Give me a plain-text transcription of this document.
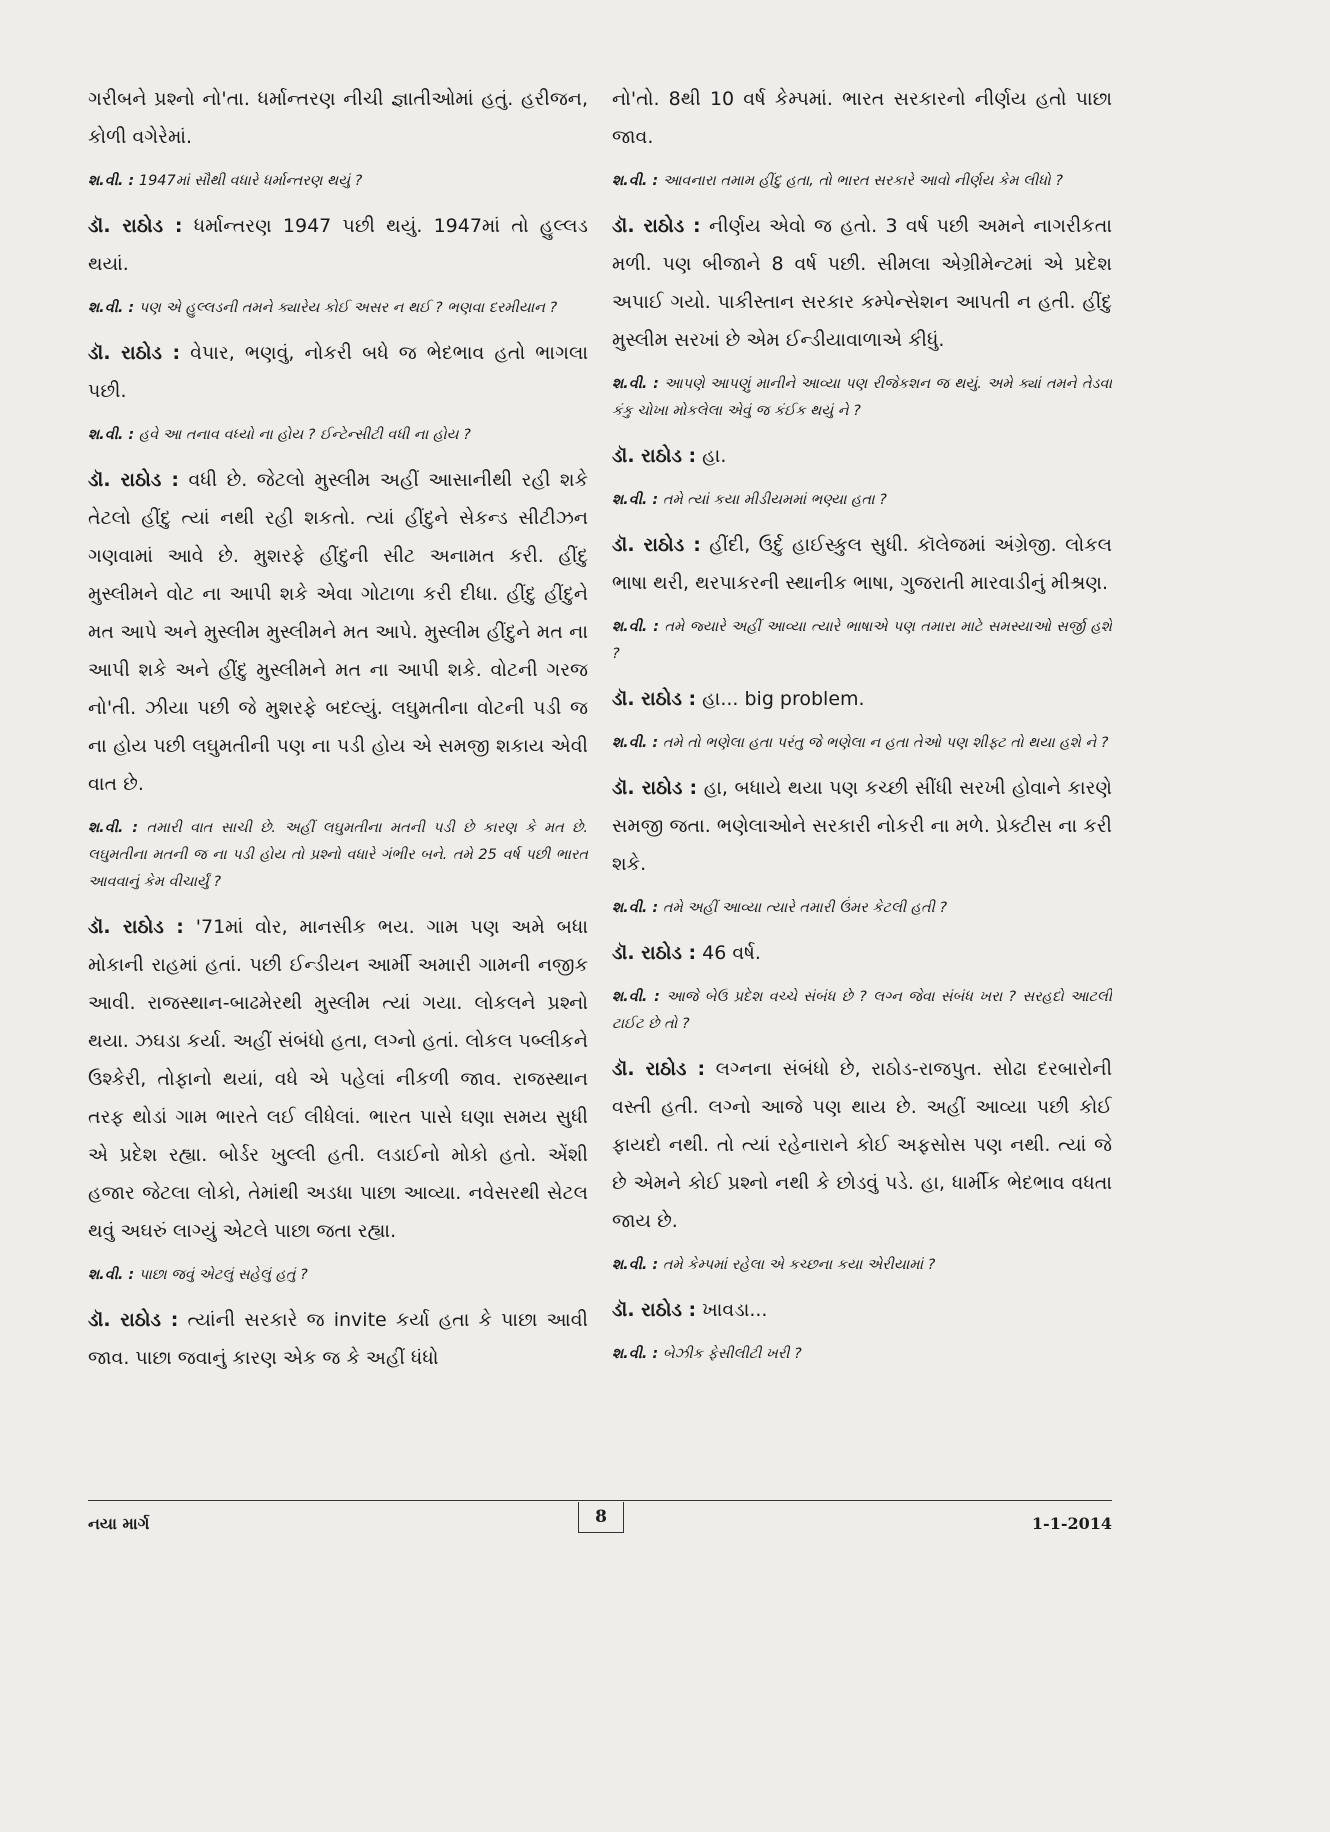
ગરીબને પ્રશ્નો નો'તા. ધર્માન્તરણ નીચી જ્ઞાતીઓમાં હતું. હરીજન, કોળી વગેરેમાં.

શ.વી. : 1947માં સૌથી વધારે ધર્માન્તરણ થયું ?

ડૉ. રાઠોડ : ધર્માન્તરણ 1947 પછી થયું. 1947માં તો હુલ્લડ થયાં.

શ.વી. : પણ એ હુલ્લડની તમને ક્યારેય કોઈ અસર ન થઈ ? ભણવા દરમીયાન ?

ડૉ. રાઠોડ : વેપાર, ભણવું, નોકરી બધે જ ભેદભાવ હતો ભાગલા પછી.

શ.વી. : હવે આ તનાવ વધ્યો ના હોય ? ઈન્ટેન્સીટી વધી ના હોય ?

ડૉ. રાઠોડ : વધી છે. જેટલો મુસ્લીમ અહીં આસાનીથી રહી શકે તેટલો હીંદુ ત્યાં નથી રહી શકતો. ત્યાં હીંદુને સેકન્ડ સીટીઝન ગણવામાં આવે છે. મુશરફે હીંદુની સીટ અનામત કરી. હીંદુ મુસ્લીમને વોટ ના આપી શકે એવા ગોટાળા કરી દીધા. હીંદુ હીંદુને મત આપે અને મુસ્લીમ મુસ્લીમને મત આપે. મુસ્લીમ હીંદુને મત ના આપી શકે અને હીંદુ મુસ્લીમને મત ના આપી શકે. વોટની ગરજ નો'તી. ઝીયા પછી જે મુશરફે બદલ્યું. લઘુમતીના વોટની પડી જ ના હોય પછી લઘુમતીની પણ ના પડી હોય એ સમજી શકાય એવી વાત છે.

શ.વી. : તમારી વાત સાચી છે. અહીં લઘુમતીના મતની પડી છે કારણ કે મત છે. લઘુમતીના મતની જ ના પડી હોય તો પ્રશ્નો વધારે ગંભીર બને. તમે 25 વર્ષ પછી ભારત આવવાનું કેમ વીચાર્યું ?

ડૉ. રાઠોડ : '71માં વોર, માનસીક ભય. ગામ પણ અમે બધા મોકાની રાહમાં હતાં. પછી ઈન્ડીયન આર્મી અમારી ગામની નજીક આવી. રાજસ્થાન-બાઢમેરથી મુસ્લીમ ત્યાં ગયા. લોકલને પ્રશ્નો થયા. ઝઘડા કર્યા. અહીં સંબંધો હતા, લગ્નો હતાં. લોકલ પબ્લીકને ઉશ્કેરી, તોફાનો થયાં, વધે એ પહેલાં નીકળી જાવ. રાજસ્થાન તરફ થોડાં ગામ ભારતે લઈ લીધેલાં. ભારત પાસે ઘણા સમય સુધી એ પ્રદેશ રહ્યા. બોર્ડર ખુલ્લી હતી. લડાઈનો મોકો હતો. એંશી હજાર જેટલા લોકો, તેમાંથી અડધા પાછા આવ્યા. નવેસરથી સેટલ થવું અઘરું લાગ્યું એટલે પાછા જતા રહ્યા.

શ.વી. : પાછા જવું એટલું સહેલું હતું ?

ડૉ. રાઠોડ : ત્યાંની સરકારે જ invite કર્યા હતા કે પાછા આવી જાવ. પાછા જવાનું કારણ એક જ કે અહીં ધંધો

નો'તો. 8થી 10 વર્ષ કેમ્પમાં. ભારત સરકારનો નીર્ણય હતો પાછા જાવ.

શ.વી. : આવનારા તમામ હીંદુ હતા, તો ભારત સરકારે આવો નીર્ણય કેમ લીધો ?

ડૉ. રાઠોડ : નીર્ણય એવો જ હતો. 3 વર્ષ પછી અમને નાગરીકતા મળી. પણ બીજાને 8 વર્ષ પછી. સીમલા એગ્રીમેન્ટમાં એ પ્રદેશ અપાઈ ગયો. પાકીસ્તાન સરકાર કમ્પેન્સેશન આપતી ન હતી. હીંદુ મુસ્લીમ સરખાં છે એમ ઈન્ડીયાવાળાએ કીધું.

શ.વી. : આપણે આપણું માનીને આવ્યા પણ રીજેકશન જ થયું. અમે ક્યાં તમને તેડવા કંકુ ચોખા મોકલેલા એવું જ કંઈક થયું ને ?

ડૉ. રાઠોડ : હા.

શ.વી. : તમે ત્યાં કયા મીડીયમમાં ભણ્યા હતા ?

ડૉ. રાઠોડ : હીંદી, ઉર્દુ હાઈસ્કુલ સુધી. કૉલેજમાં અંગ્રેજી. લોકલ ભાષા થરી, થરપાકરની સ્થાનીક ભાષા, ગુજરાતી મારવાડીનું મીશ્રણ.

શ.વી. : તમે જ્યારે અહીં આવ્યા ત્યારે ભાષાએ પણ તમારા માટે સમસ્યાઓ સર્જી હશે ?

ડૉ. રાઠોડ : હા... big problem.

શ.વી. : તમે તો ભણેલા હતા પરંતુ જે ભણેલા ન હતા તેઓ પણ શીફ્ટ તો થયા હશે ને ?

ડૉ. રાઠોડ : હા, બધાયે થયા પણ કચ્છી સીંધી સરખી હોવાને કારણે સમજી જતા. ભણેલાઓને સરકારી નોકરી ના મળે. પ્રેક્ટીસ ના કરી શકે.

શ.વી. : તમે અહીં આવ્યા ત્યારે તમારી ઉંમર કેટલી હતી ?

ડૉ. રાઠોડ : 46 વર્ષ.

શ.વી. : આજે બેઉ પ્રદેશ વચ્ચે સંબંધ છે ? લગ્ન જેવા સંબંધ ખરા ? સરહદો આટલી ટાઈટ છે તો ?

ડૉ. રાઠોડ : લગ્નના સંબંધો છે, રાઠોડ-રાજપુત. સોઢા દરબારોની વસ્તી હતી. લગ્નો આજે પણ થાય છે. અહીં આવ્યા પછી કોઈ ફાયદો નથી. તો ત્યાં રહેનારાને કોઈ અફસોસ પણ નથી. ત્યાં જે છે એમને કોઈ પ્રશ્નો નથી કે છોડવું પડે. હા, ધાર્મીક ભેદભાવ વધતા જાય છે.

શ.વી. : તમે કેમ્પમાં રહેલા એ કચ્છના કયા એરીયામાં ?

ડૉ. રાઠોડ : ખાવડા...

શ.વી. : બેઝીક ફેસીલીટી ખરી ?

નયા માર્ગ	8	1-1-2014
